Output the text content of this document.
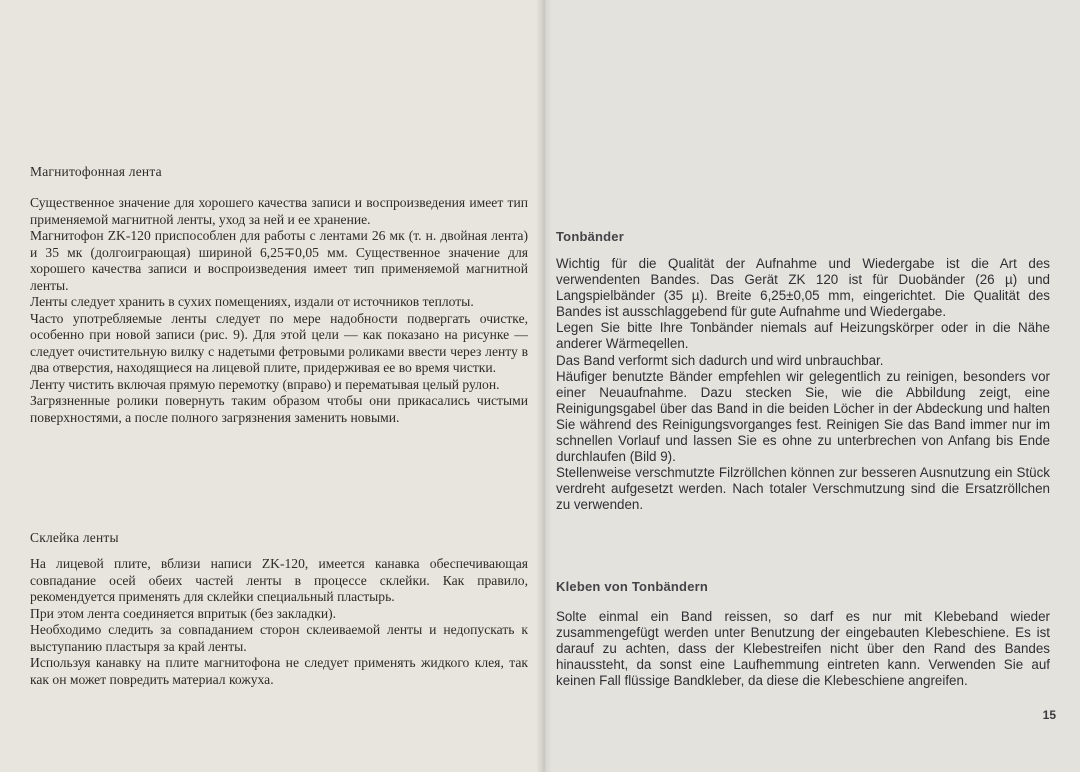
Магнитофонная лента
Существенное значение для хорошего качества записи и воспроизведения имеет тип применяемой магнитной ленты, уход за ней и ее хранение.
Магнитофон ZK-120 приспособлен для работы с лентами 26 мк (т. н. двойная лента) и 35 мк (долгоиграющая) шириной 6,25∓0,05 мм. Существенное значение для хорошего качества записи и воспроизведения имеет тип применяемой магнитной ленты.
Ленты следует хранить в сухих помещениях, издали от источников теплоты.
Часто употребляемые ленты следует по мере надобности подвергать очистке, особенно при новой записи (рис. 9). Для этой цели — как показано на рисунке — следует очистительную вилку с надетыми фетровыми роликами ввести через ленту в два отверстия, находящиеся на лицевой плите, придерживая ее во время чистки.
Ленту чистить включая прямую перемотку (вправо) и перематывая целый рулон.
Загрязненные ролики повернуть таким образом чтобы они прикасались чистыми поверхностями, а после полного загрязнения заменить новыми.
Склейка ленты
На лицевой плите, вблизи написи ZK-120, имеется канавка обеспечивающая совпадание осей обеих частей ленты в процессе склейки. Как правило, рекомендуется применять для склейки специальный пластырь.
При этом лента соединяется впритык (без закладки).
Необходимо следить за совпаданием сторон склеиваемой ленты и недопускать к выступанию пластыря за край ленты.
Используя канавку на плите магнитофона не следует применять жидкого клея, так как он может повредить материал кожуха.
Tonbänder
Wichtig für die Qualität der Aufnahme und Wiedergabe ist die Art des verwendenten Bandes. Das Gerät ZK 120 ist für Duobänder (26 µ) und Langspielbänder (35 µ). Breite 6,25±0,05 mm, eingerichtet. Die Qualität des Bandes ist ausschlaggebend für gute Aufnahme und Wiedergabe.
Legen Sie bitte Ihre Tonbänder niemals auf Heizungskörper oder in die Nähe anderer Wärmeqellen.
Das Band verformt sich dadurch und wird unbrauchbar.
Häufiger benutzte Bänder empfehlen wir gelegentlich zu reinigen, besonders vor einer Neuaufnahme. Dazu stecken Sie, wie die Abbildung zeigt, eine Reinigungsgabel über das Band in die beiden Löcher in der Abdeckung und halten Sie während des Reinigungsvorganges fest. Reinigen Sie das Band immer nur im schnellen Vorlauf und lassen Sie es ohne zu unterbrechen von Anfang bis Ende durchlaufen (Bild 9).
Stellenweise verschmutzte Filzröllchen können zur besseren Ausnutzung ein Stück verdreht aufgesetzt werden. Nach totaler Verschmutzung sind die Ersatzröllchen zu verwenden.
Kleben von Tonbändern
Solte einmal ein Band reissen, so darf es nur mit Klebeband wieder zusammengefügt werden unter Benutzung der eingebauten Klebeschiene. Es ist darauf zu achten, dass der Klebestreifen nicht über den Rand des Bandes hinaussteht, da sonst eine Laufhemmung eintreten kann. Verwenden Sie auf keinen Fall flüssige Bandkleber, da diese die Klebeschiene angreifen.
15
